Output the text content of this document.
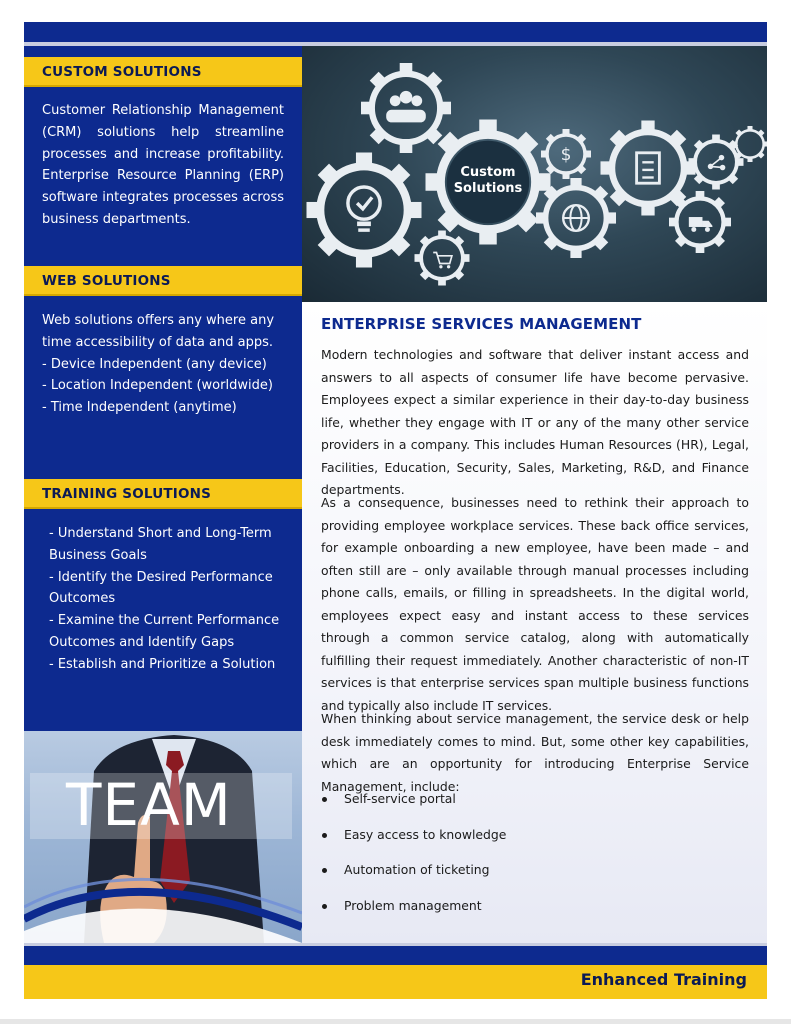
CUSTOM SOLUTIONS

Customer Relationship Management (CRM) solutions help streamline processes and increase profitability. Enterprise Resource Planning (ERP) software integrates processes across business departments.

WEB SOLUTIONS
Web solutions offers any where any time accessibility of data and apps.
- Device Independent (any device)
- Location Independent (worldwide)
- Time Independent (anytime)
TRAINING SOLUTIONS
- Understand Short and Long-Term
Business Goals
- Identify the Desired Performance
Outcomes
- Examine the Current Performance
Outcomes and Identify Gaps
- Establish and Prioritize a Solution
TEAM
Custom
Solutions
$
ENTERPRISE SERVICES MANAGEMENT

Modern technologies and software that deliver instant access and answers to all aspects of consumer life have become pervasive. Employees expect a similar experience in their day-to-day business life, whether they engage with IT or any of the many other service providers in a company. This includes Human Resources (HR), Legal, Facilities, Education, Security, Sales, Marketing, R&D, and Finance departments.

As a consequence, businesses need to rethink their approach to providing employee workplace services. These back office services, for example onboarding a new employee, have been made – and often still are – only available through manual processes including phone calls, emails, or filling in spreadsheets. In the digital world, employees expect easy and instant access to these services through a common service catalog, along with automatically fulfilling their request immediately. Another characteristic of non-IT services is that enterprise services span multiple business functions and typically also include IT services.

When thinking about service management, the service desk or help desk immediately comes to mind. But, some other key capabilities, which are an opportunity for introducing Enterprise Service Management, include:

Self-service portal
Easy access to knowledge
Automation of ticketing
Problem management
Enhanced Training
